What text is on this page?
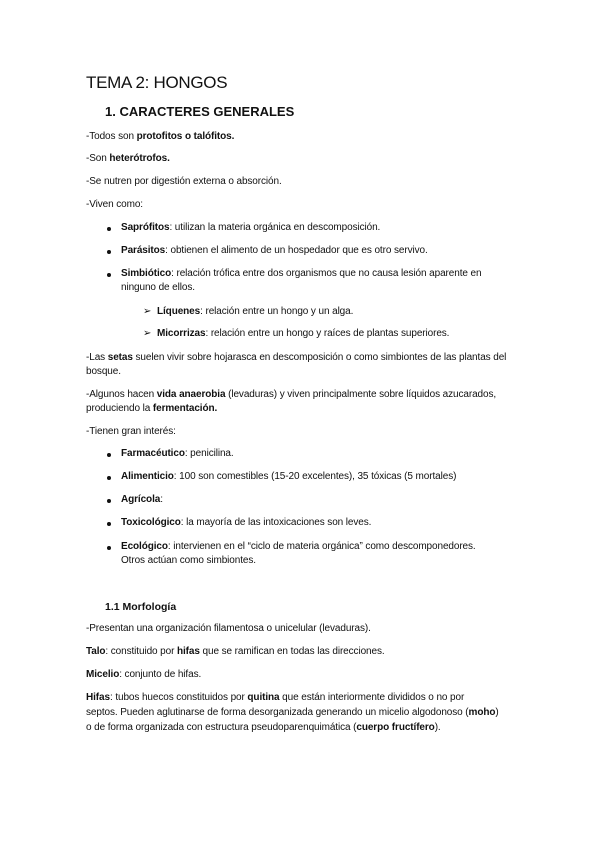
TEMA 2: HONGOS
1. CARACTERES GENERALES
-Todos son protofitos o talófitos.
-Son heterótrofos.
-Se nutren por digestión externa o absorción.
-Viven como:
Saprófitos: utilizan la materia orgánica en descomposición.
Parásitos: obtienen el alimento de un hospedador que es otro servivo.
Simbiótico: relación trófica entre dos organismos que no causa lesión aparente en
ninguno de ellos.
➢ Líquenes: relación entre un hongo y un alga.
➢ Micorrizas: relación entre un hongo y raíces de plantas superiores.
-Las setas suelen vivir sobre hojarasca en descomposición o como simbiontes de las plantas del
bosque.
-Algunos hacen vida anaerobia (levaduras) y viven principalmente sobre líquidos azucarados,
produciendo la fermentación.
-Tienen gran interés:
Farmacéutico: penicilina.
Alimenticio: 100 son comestibles (15-20 excelentes), 35 tóxicas (5 mortales)
Agrícola:
Toxicológico: la mayoría de las intoxicaciones son leves.
Ecológico: intervienen en el “ciclo de materia orgánica” como descomponedores.
Otros actúan como simbiontes.
1.1 Morfología
-Presentan una organización filamentosa o unicelular (levaduras).
Talo: constituido por hifas que se ramifican en todas las direcciones.
Micelio: conjunto de hifas.
Hifas: tubos huecos constituidos por quitina que están interiormente divididos o no por
septos. Pueden aglutinarse de forma desorganizada generando un micelio algodonoso (moho)
o de forma organizada con estructura pseudoparenquimática (cuerpo fructífero).
